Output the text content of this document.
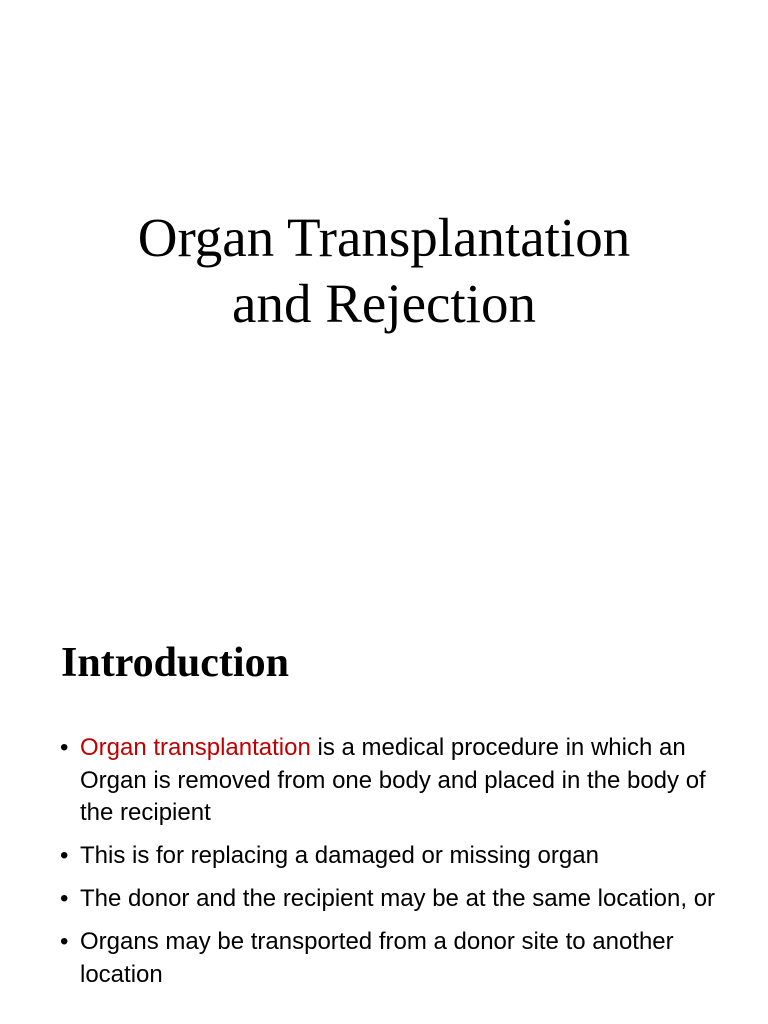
Organ Transplantation
and Rejection
Introduction
• Organ transplantation is a medical procedure in which an Organ is removed from one body and placed in the body of the recipient
• This is for replacing a damaged or missing organ
• The donor and the recipient may be at the same location, or
• Organs may be transported from a donor site to another location
